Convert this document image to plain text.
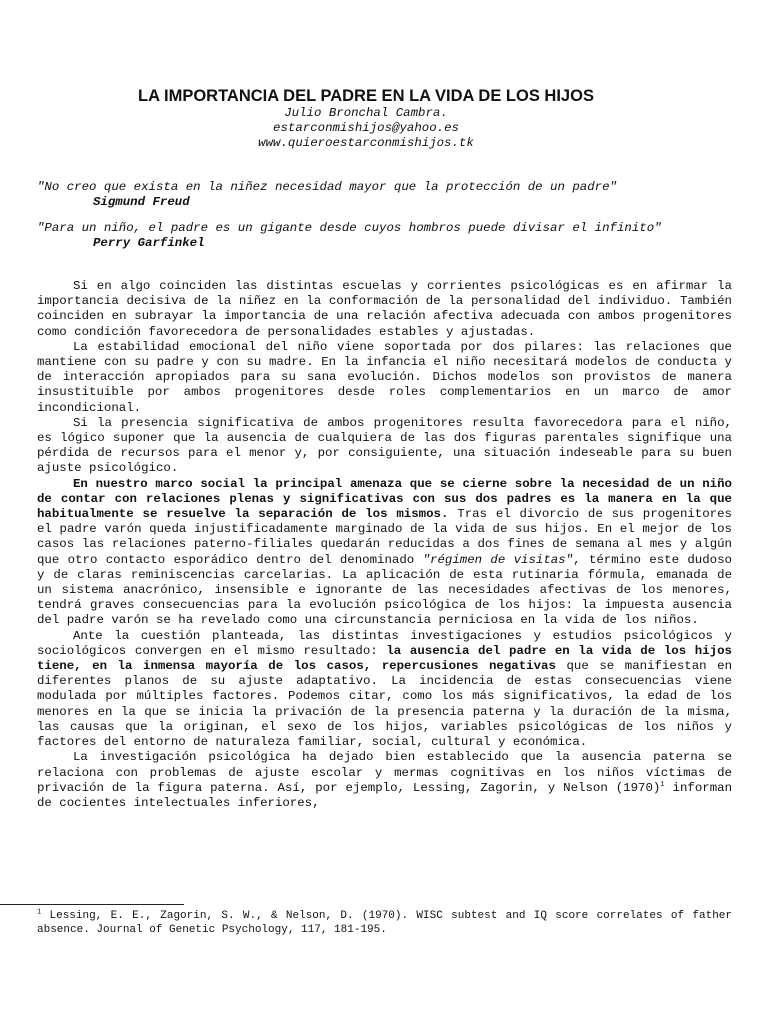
LA IMPORTANCIA DEL PADRE EN LA VIDA DE LOS HIJOS
Julio Bronchal Cambra.
estarconmishijos@yahoo.es
www.quieroestarconmishijos.tk
"No creo que exista en la niñez necesidad mayor que la protección de un padre"
Sigmund Freud
"Para un niño, el padre es un gigante desde cuyos hombros puede divisar el infinito"
Perry Garfinkel

Si en algo coinciden las distintas escuelas y corrientes psicológicas es en afirmar la importancia decisiva de la niñez en la conformación de la personalidad del individuo. También coinciden en subrayar la importancia de una relación afectiva adecuada con ambos progenitores como condición favorecedora de personalidades estables y ajustadas.

La estabilidad emocional del niño viene soportada por dos pilares: las relaciones que mantiene con su padre y con su madre. En la infancia el niño necesitará modelos de conducta y de interacción apropiados para su sana evolución. Dichos modelos son provistos de manera insustituible por ambos progenitores desde roles complementarios en un marco de amor incondicional.

Si la presencia significativa de ambos progenitores resulta favorecedora para el niño, es lógico suponer que la ausencia de cualquiera de las dos figuras parentales signifique una pérdida de recursos para el menor y, por consiguiente, una situación indeseable para su buen ajuste psicológico.

En nuestro marco social la principal amenaza que se cierne sobre la necesidad de un niño de contar con relaciones plenas y significativas con sus dos padres es la manera en la que habitualmente se resuelve la separación de los mismos. Tras el divorcio de sus progenitores el padre varón queda injustificadamente marginado de la vida de sus hijos. En el mejor de los casos las relaciones paterno-filiales quedarán reducidas a dos fines de semana al mes y algún que otro contacto esporádico dentro del denominado "régimen de visitas", término este dudoso y de claras reminiscencias carcelarias. La aplicación de esta rutinaria fórmula, emanada de un sistema anacrónico, insensible e ignorante de las necesidades afectivas de los menores, tendrá graves consecuencias para la evolución psicológica de los hijos: la impuesta ausencia del padre varón se ha revelado como una circunstancia perniciosa en la vida de los niños.

Ante la cuestión planteada, las distintas investigaciones y estudios psicológicos y sociológicos convergen en el mismo resultado: la ausencia del padre en la vida de los hijos tiene, en la inmensa mayoría de los casos, repercusiones negativas que se manifiestan en diferentes planos de su ajuste adaptativo. La incidencia de estas consecuencias viene modulada por múltiples factores. Podemos citar, como los más significativos, la edad de los menores en la que se inicia la privación de la presencia paterna y la duración de la misma, las causas que la originan, el sexo de los hijos, variables psicológicas de los niños y factores del entorno de naturaleza familiar, social, cultural y económica.

La investigación psicológica ha dejado bien establecido que la ausencia paterna se relaciona con problemas de ajuste escolar y mermas cognitivas en los niños víctimas de privación de la figura paterna. Así, por ejemplo, Lessing, Zagorin, y Nelson (1970)$^1$ informan de cocientes intelectuales inferiores,

$^1$ Lessing, E. E., Zagorin, S. W., & Nelson, D. (1970). WISC subtest and IQ score correlates of father absence. Journal of Genetic Psychology, 117, 181-195.
